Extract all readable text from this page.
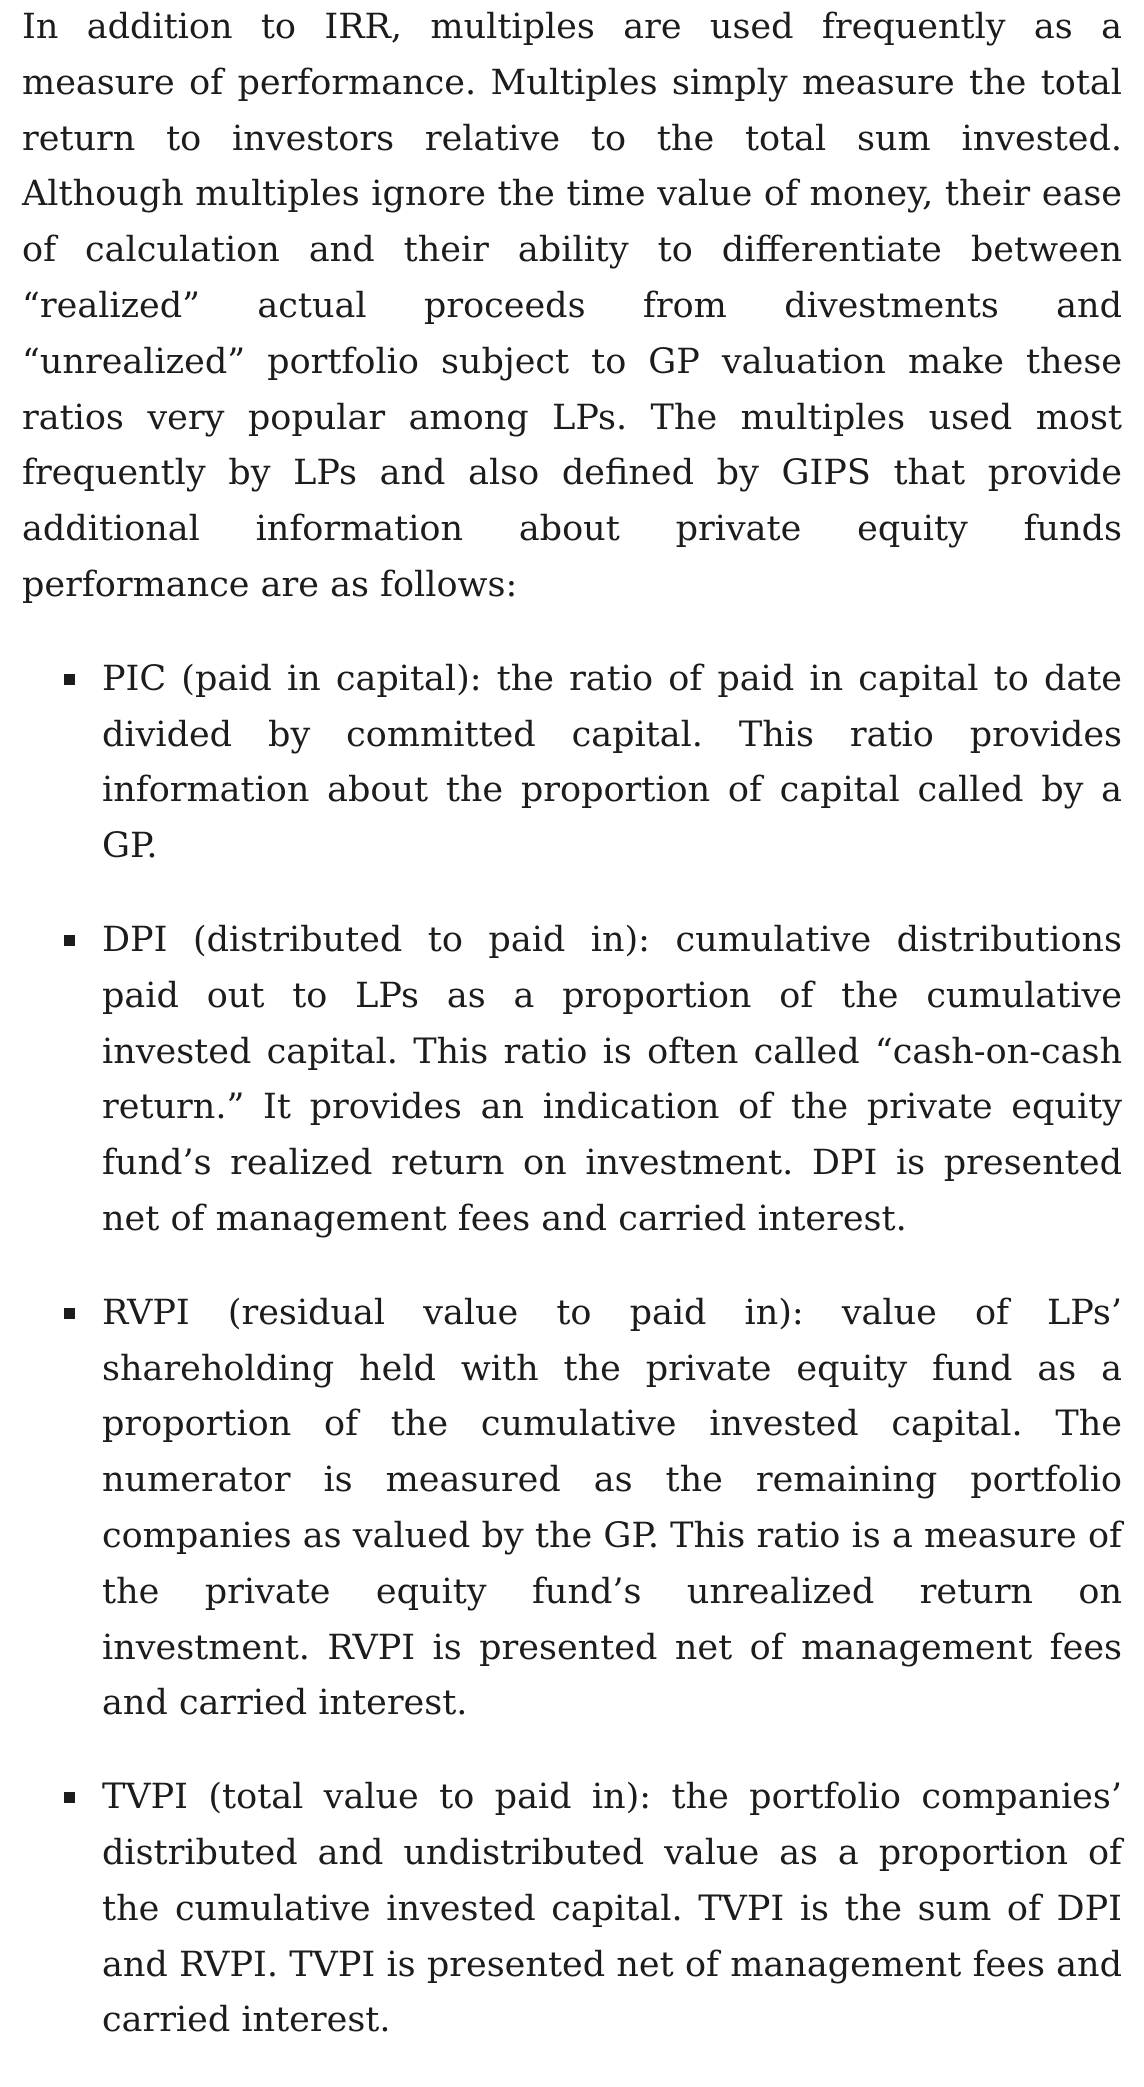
In addition to IRR, multiples are used frequently as a measure of performance. Multiples simply measure the total return to investors relative to the total sum invested. Although multiples ignore the time value of money, their ease of calculation and their ability to differentiate between “realized” actual proceeds from divestments and “unrealized” portfolio subject to GP valuation make these ratios very popular among LPs. The multiples used most frequently by LPs and also defined by GIPS that provide additional information about private equity funds performance are as follows:

PIC (paid in capital): the ratio of paid in capital to date divided by committed capital. This ratio provides information about the proportion of capital called by a GP.
DPI (distributed to paid in): cumulative distributions paid out to LPs as a proportion of the cumulative invested capital. This ratio is often called “cash-on-cash return.” It provides an indication of the private equity fund’s realized return on investment. DPI is presented net of management fees and carried interest.
RVPI (residual value to paid in): value of LPs’ shareholding held with the private equity fund as a proportion of the cumulative invested capital. The numerator is measured as the remaining portfolio companies as valued by the GP. This ratio is a measure of the private equity fund’s unrealized return on investment. RVPI is presented net of management fees and carried interest.
TVPI (total value to paid in): the portfolio companies’ distributed and undistributed value as a proportion of the cumulative invested capital. TVPI is the sum of DPI and RVPI. TVPI is presented net of management fees and carried interest.
